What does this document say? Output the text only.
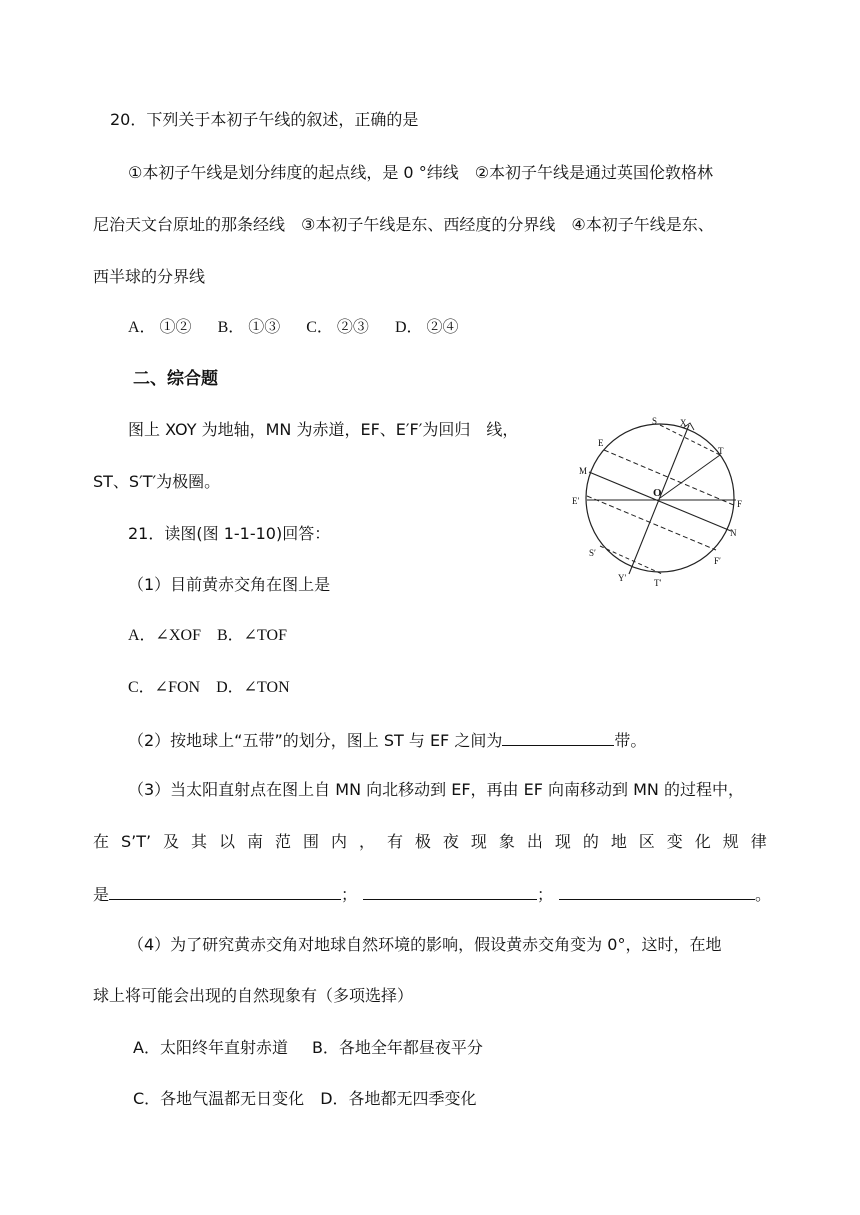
20．下列关于本初子午线的叙述，正确的是
①本初子午线是划分纬度的起点线，是 0 °纬线　②本初子午线是通过英国伦敦格林
尼治天文台原址的那条经线　③本初子午线是东、西经度的分界线　④本初子午线是东、
西半球的分界线
A． ①② B． ①③ C． ②③ D． ②④
二、综合题
图上 XOY 为地轴，MN 为赤道，EF、E′F′为回归　线，
ST、S′T′为极圈。
21．读图(图 1-1-10)回答：
（1）目前黄赤交角在图上是
A．∠XOF　B．∠TOF
C．∠FON　D．∠TON
（2）按地球上“五带”的划分，图上 ST 与 EF 之间为	带。
（3）当太阳直射点在图上自 MN 向北移动到 EF，再由 EF 向南移动到 MN 的过程中，
在 S’T’ 及 其 以 南 范 围 内 ， 有 极 夜 现 象 出 现 的 地 区 变 化 规 律
是	；	；	。
（4）为了研究黄赤交角对地球自然环境的影响，假设黄赤交角变为 0°，这时，在地
球上将可能会出现的自然现象有（多项选择）
A．太阳终年直射赤道 B．各地全年都昼夜平分
C．各地气温都无日变化 D．各地都无四季变化
S	X
E
T
M
O
E′	F
N
S′
F′
Y′	T′
